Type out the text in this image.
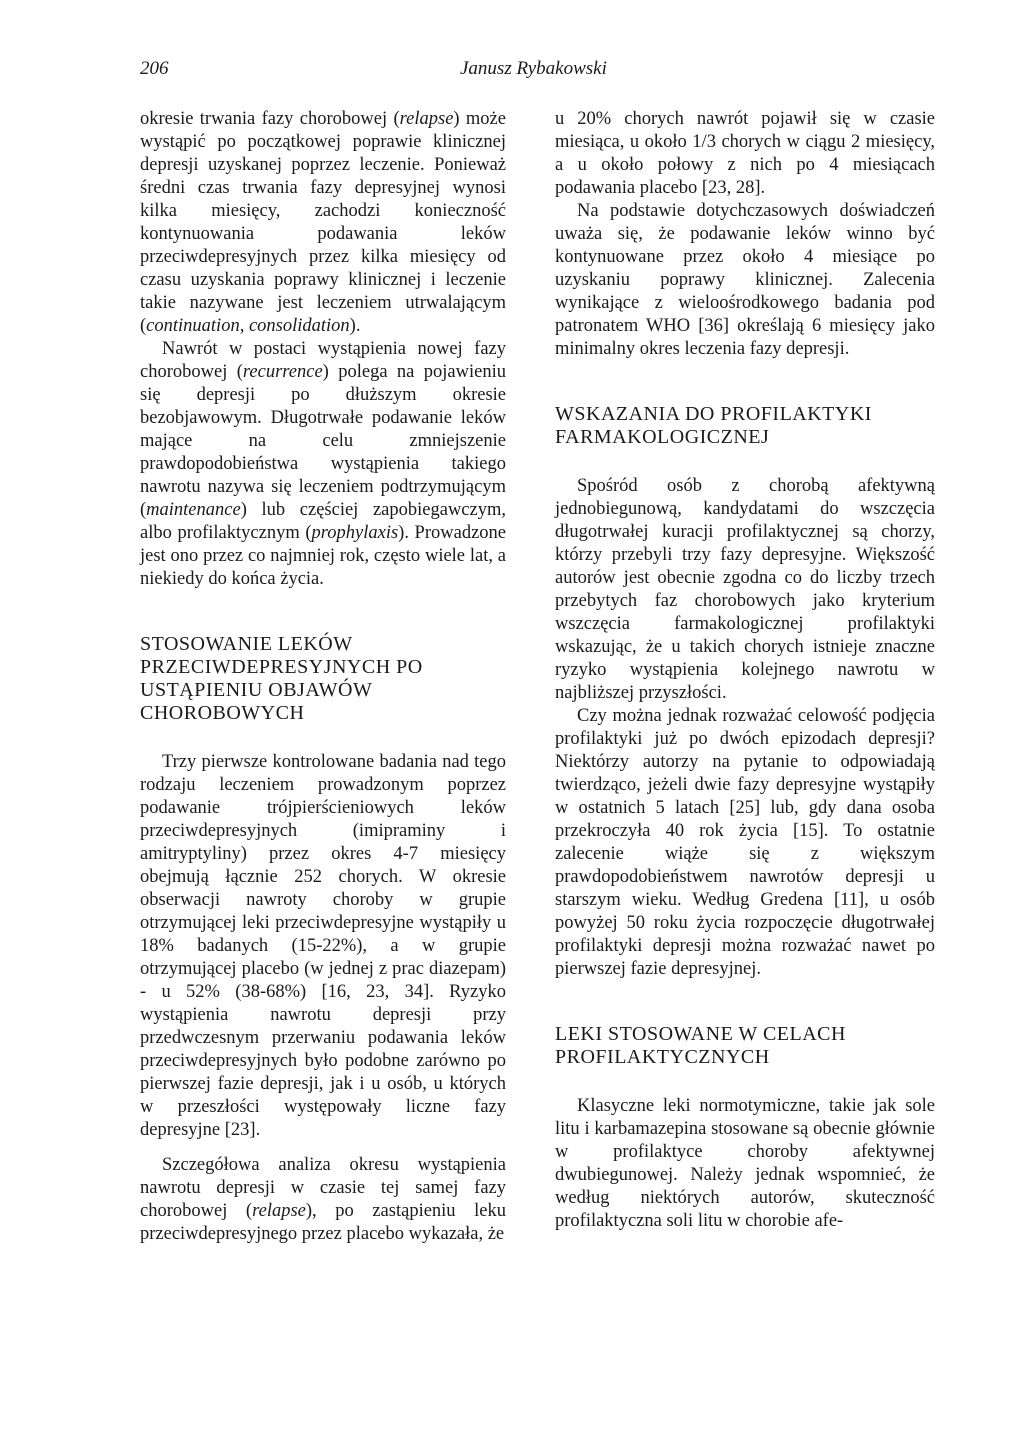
206	Janusz Rybakowski

okresie trwania fazy chorobowej (relapse) może wystąpić po początkowej poprawie klinicznej depresji uzyskanej poprzez leczenie. Ponieważ średni czas trwania fazy depresyjnej wynosi kilka miesięcy, zachodzi konieczność kontynuowania podawania leków przeciwdepresyjnych przez kilka miesięcy od czasu uzyskania poprawy klinicznej i leczenie takie nazywane jest leczeniem utrwalającym (continuation, consolidation).

Nawrót w postaci wystąpienia nowej fazy chorobowej (recurrence) polega na pojawieniu się depresji po dłuższym okresie bezobjawowym. Długotrwałe podawanie leków mające na celu zmniejszenie prawdopodobieństwa wystąpienia takiego nawrotu nazywa się leczeniem podtrzymującym (maintenance) lub częściej zapobiegawczym, albo profilaktycznym (prophylaxis). Prowadzone jest ono przez co najmniej rok, często wiele lat, a niekiedy do końca życia.

STOSOWANIE LEKÓW PRZECIWDEPRESYJNYCH PO USTĄPIENIU OBJAWÓW CHOROBOWYCH

Trzy pierwsze kontrolowane badania nad tego rodzaju leczeniem prowadzonym poprzez podawanie trójpierścieniowych leków przeciwdepresyjnych (imipraminy i amitryptyliny) przez okres 4-7 miesięcy obejmują łącznie 252 chorych. W okresie obserwacji nawroty choroby w grupie otrzymującej leki przeciwdepresyjne wystąpiły u 18% badanych (15-22%), a w grupie otrzymującej placebo (w jednej z prac diazepam) - u 52% (38-68%) [16, 23, 34]. Ryzyko wystąpienia nawrotu depresji przy przedwczesnym przerwaniu podawania leków przeciwdepresyjnych było podobne zarówno po pierwszej fazie depresji, jak i u osób, u których w przeszłości występowały liczne fazy depresyjne [23].

Szczegółowa analiza okresu wystąpienia nawrotu depresji w czasie tej samej fazy chorobowej (relapse), po zastąpieniu leku przeciwdepresyjnego przez placebo wykazała, że

u 20% chorych nawrót pojawił się w czasie miesiąca, u około 1/3 chorych w ciągu 2 miesięcy, a u około połowy z nich po 4 miesiącach podawania placebo [23, 28].

Na podstawie dotychczasowych doświadczeń uważa się, że podawanie leków winno być kontynuowane przez około 4 miesiące po uzyskaniu poprawy klinicznej. Zalecenia wynikające z wieloośrodkowego badania pod patronatem WHO [36] określają 6 miesięcy jako minimalny okres leczenia fazy depresji.

WSKAZANIA DO PROFILAKTYKI FARMAKOLOGICZNEJ

Spośród osób z chorobą afektywną jednobiegunową, kandydatami do wszczęcia długotrwałej kuracji profilaktycznej są chorzy, którzy przebyli trzy fazy depresyjne. Większość autorów jest obecnie zgodna co do liczby trzech przebytych faz chorobowych jako kryterium wszczęcia farmakologicznej profilaktyki wskazując, że u takich chorych istnieje znaczne ryzyko wystąpienia kolejnego nawrotu w najbliższej przyszłości.

Czy można jednak rozważać celowość podjęcia profilaktyki już po dwóch epizodach depresji? Niektórzy autorzy na pytanie to odpowiadają twierdząco, jeżeli dwie fazy depresyjne wystąpiły w ostatnich 5 latach [25] lub, gdy dana osoba przekroczyła 40 rok życia [15]. To ostatnie zalecenie wiąże się z większym prawdopodobieństwem nawrotów depresji u starszym wieku. Według Gredena [11], u osób powyżej 50 roku życia rozpoczęcie długotrwałej profilaktyki depresji można rozważać nawet po pierwszej fazie depresyjnej.

LEKI STOSOWANE W CELACH PROFILAKTYCZNYCH

Klasyczne leki normotymiczne, takie jak sole litu i karbamazepina stosowane są obecnie głównie w profilaktyce choroby afektywnej dwubiegunowej. Należy jednak wspomnieć, że według niektórych autorów, skuteczność profilaktyczna soli litu w chorobie afe-
